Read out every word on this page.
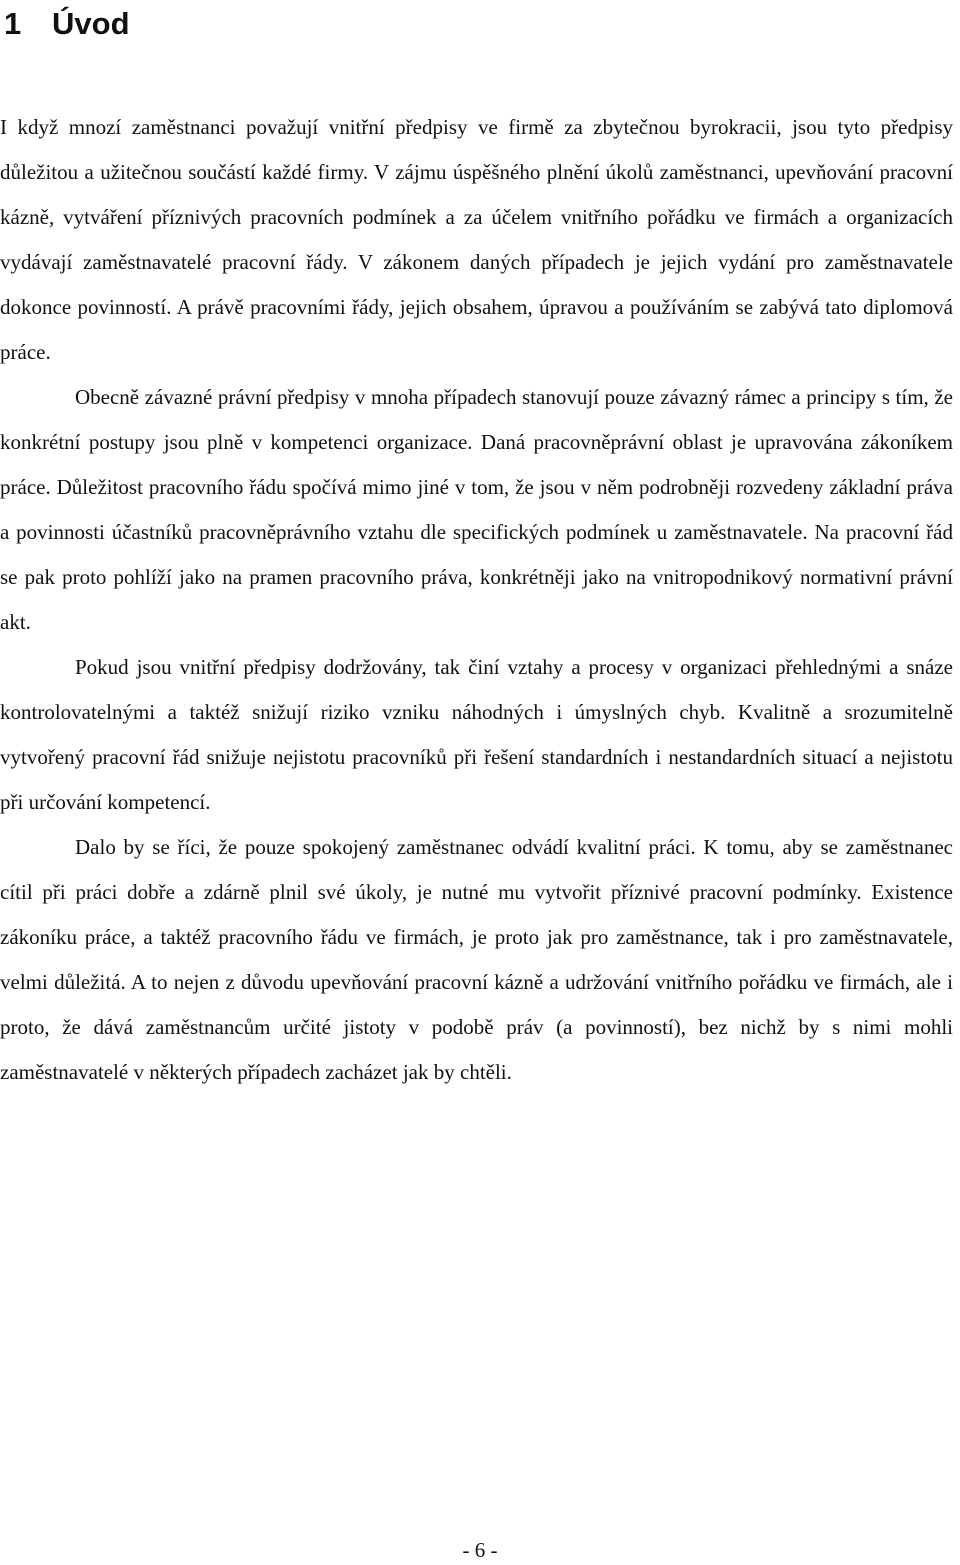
1 Úvod

I když mnozí zaměstnanci považují vnitřní předpisy ve firmě za zbytečnou byrokracii, jsou tyto předpisy důležitou a užitečnou součástí každé firmy. V zájmu úspěšného plnění úkolů zaměstnanci, upevňování pracovní kázně, vytváření příznivých pracovních podmínek a za účelem vnitřního pořádku ve firmách a organizacích vydávají zaměstnavatelé pracovní řády. V zákonem daných případech je jejich vydání pro zaměstnavatele dokonce povinností. A právě pracovními řády, jejich obsahem, úpravou a používáním se zabývá tato diplomová práce.

Obecně závazné právní předpisy v mnoha případech stanovují pouze závazný rámec a principy s tím, že konkrétní postupy jsou plně v kompetenci organizace. Daná pracovněprávní oblast je upravována zákoníkem práce. Důležitost pracovního řádu spočívá mimo jiné v tom, že jsou v něm podrobněji rozvedeny základní práva a povinnosti účastníků pracovněprávního vztahu dle specifických podmínek u zaměstnavatele. Na pracovní řád se pak proto pohlíží jako na pramen pracovního práva, konkrétněji jako na vnitropodnikový normativní právní akt.

Pokud jsou vnitřní předpisy dodržovány, tak činí vztahy a procesy v organizaci přehlednými a snáze kontrolovatelnými a taktéž snižují riziko vzniku náhodných i úmyslných chyb. Kvalitně a srozumitelně vytvořený pracovní řád snižuje nejistotu pracovníků při řešení standardních i nestandardních situací a nejistotu při určování kompetencí.

Dalo by se říci, že pouze spokojený zaměstnanec odvádí kvalitní práci. K tomu, aby se zaměstnanec cítil při práci dobře a zdárně plnil své úkoly, je nutné mu vytvořit příznivé pracovní podmínky. Existence zákoníku práce, a taktéž pracovního řádu ve firmách, je proto jak pro zaměstnance, tak i pro zaměstnavatele, velmi důležitá. A to nejen z důvodu upevňování pracovní kázně a udržování vnitřního pořádku ve firmách, ale i proto, že dává zaměstnancům určité jistoty v podobě práv (a povinností), bez nichž by s nimi mohli zaměstnavatelé v některých případech zacházet jak by chtěli.

- 6 -
